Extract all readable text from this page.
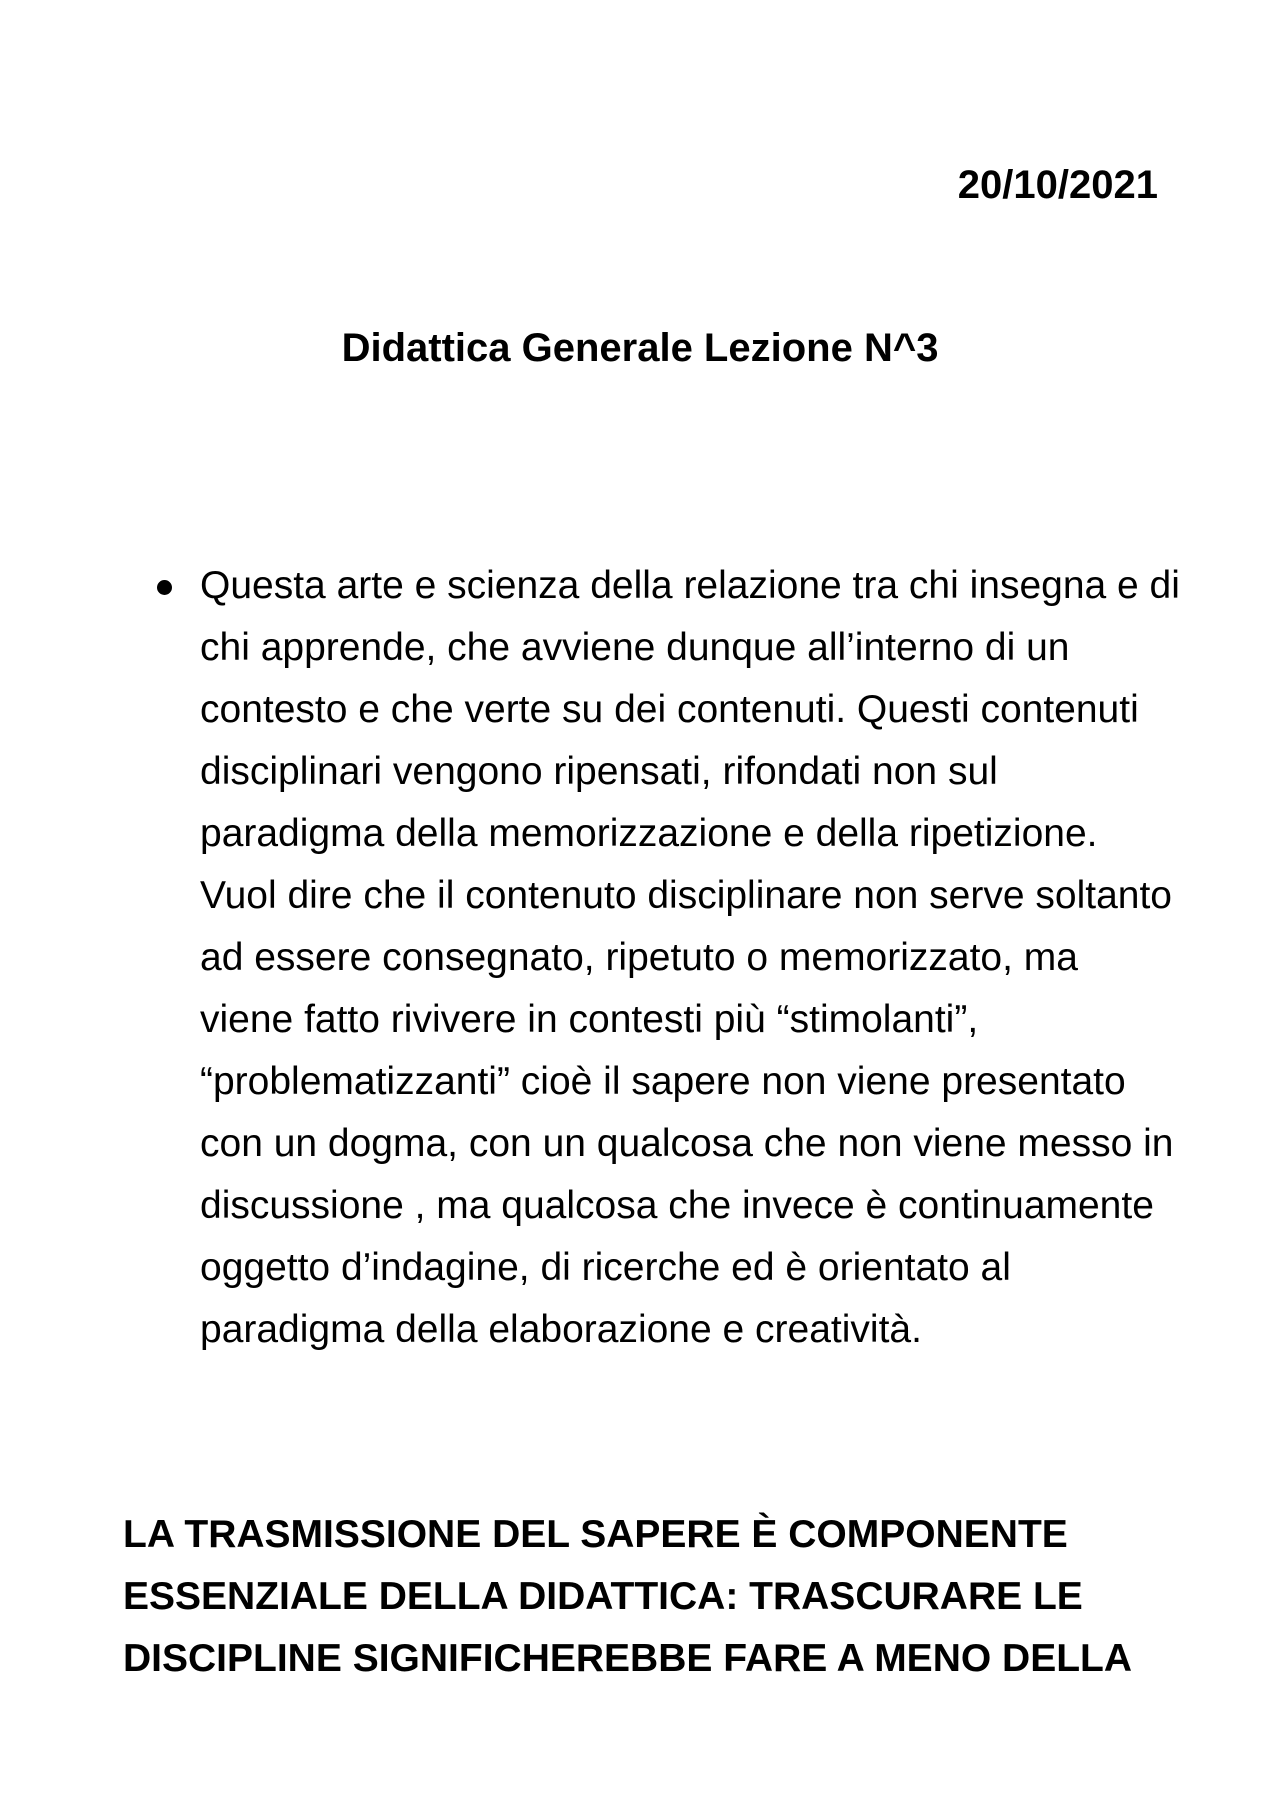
20/10/2021

Didattica Generale Lezione N^3
Questa arte e scienza della relazione tra chi insegna e di chi apprende, che avviene dunque all’interno di un contesto e che verte su dei contenuti. Questi contenuti disciplinari vengono ripensati, rifondati non sul paradigma della memorizzazione e della ripetizione. Vuol dire che il contenuto disciplinare non serve soltanto ad essere consegnato, ripetuto o memorizzato, ma viene fatto rivivere in contesti più “stimolanti”, “problematizzanti” cioè il sapere non viene presentato con un dogma, con un qualcosa che non viene messo in discussione , ma qualcosa che invece è continuamente oggetto d’indagine, di ricerche ed è orientato al paradigma della elaborazione e creatività.

LA TRASMISSIONE DEL SAPERE È COMPONENTE ESSENZIALE DELLA DIDATTICA: TRASCURARE LE DISCIPLINE SIGNIFICHEREBBE FARE A MENO DELLA
